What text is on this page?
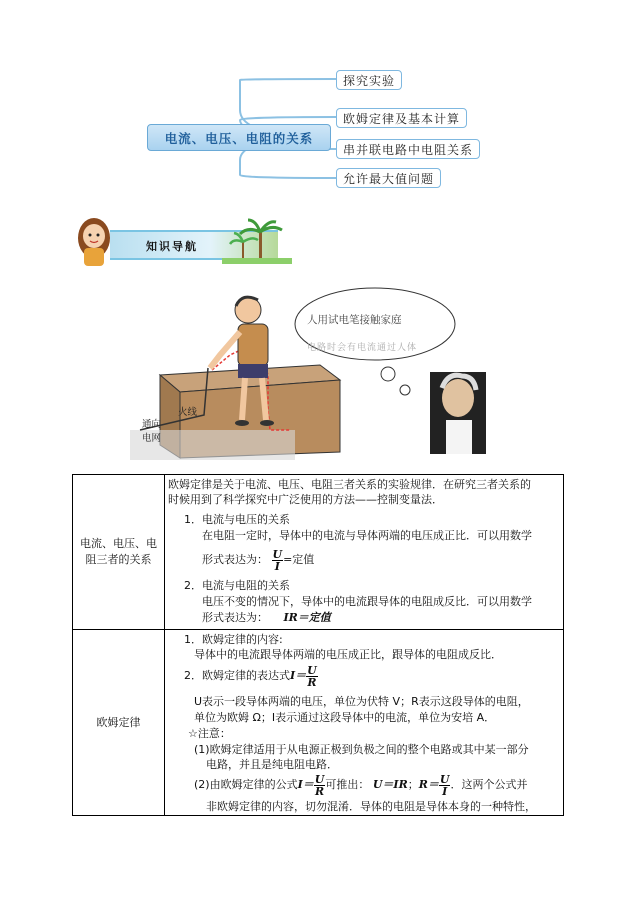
电流、电压、电阻的关系
探究实验
欧姆定律及基本计算
串并联电路中电阻关系
允许最大值问题
知识导航
人用试电笔接触家庭
电路时会有电流通过人体
火线
通向
电网
电流、电压、电阻三者的关系
欧姆定律是关于电流、电压、电阻三者关系的实验规律．在研究三者关系的
时候用到了科学探究中广泛使用的方法——控制变量法．
1．电流与电压的关系
在电阻一定时，导体中的电流与导体两端的电压成正比．可以用数学
形式表达为： $\frac{U}{I}$ =定值
2．电流与电阻的关系
电压不变的情况下，导体中的电流跟导体的电阻成反比．可以用数学
形式表达为： IR＝定值
欧姆定律
1．欧姆定律的内容:
导体中的电流跟导体两端的电压成正比，跟导体的电阻成反比．
2．欧姆定律的表达式$I= \frac{U}{R}$
U表示一段导体两端的电压，单位为伏特 V；R表示这段导体的电阻，
单位为欧姆 Ω；I表示通过这段导体中的电流，单位为安培 A．
☆注意：
(1)欧姆定律适用于从电源正极到负极之间的整个电路或其中某一部分
电路，并且是纯电阻电路．
(2)由欧姆定律的公式$I= \frac{U}{R}$ 可推出： U＝IR；$R= \frac{U}{I}$ ．这两个公式并
非欧姆定律的内容，切勿混淆．导体的电阻是导体本身的一种特性，
